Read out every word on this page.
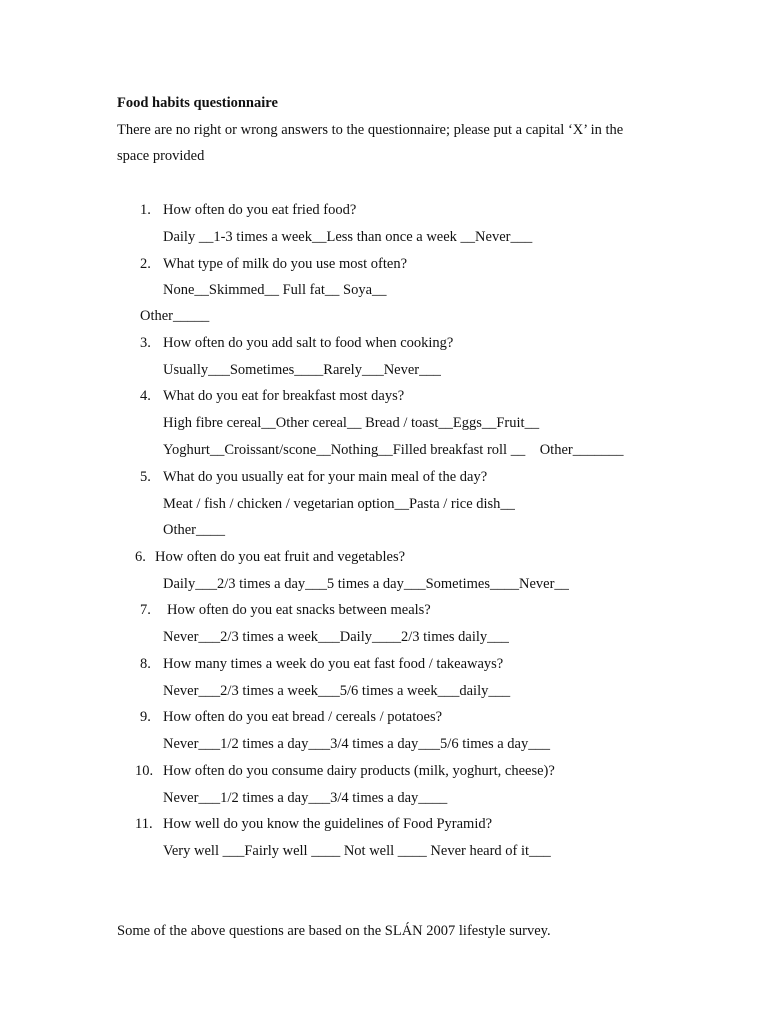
Food habits questionnaire
There are no right or wrong answers to the questionnaire; please put a capital ‘X’ in the
space provided
1. How often do you eat fried food?
Daily __1-3 times a week__Less than once a week __Never___
2. What type of milk do you use most often?
None__Skimmed__ Full fat__ Soya__
Other_____
3. How often do you add salt to food when cooking?
Usually___Sometimes____Rarely___Never___
4. What do you eat for breakfast most days?
High fibre cereal__Other cereal__ Bread / toast__Eggs__Fruit__
Yoghurt__Croissant/scone__Nothing__Filled breakfast roll __    Other_______
5. What do you usually eat for your main meal of the day?
Meat / fish / chicken / vegetarian option__Pasta / rice dish__
Other____
6. How often do you eat fruit and vegetables?
Daily___2/3 times a day___5 times a day___Sometimes____Never__
7. How often do you eat snacks between meals?
Never___2/3 times a week___Daily____2/3 times daily___
8. How many times a week do you eat fast food / takeaways?
Never___2/3 times a week___5/6 times a week___daily___
9. How often do you eat bread / cereals / potatoes?
Never___1/2 times a day___3/4 times a day___5/6 times a day___
10. How often do you consume dairy products (milk, yoghurt, cheese)?
Never___1/2 times a day___3/4 times a day____
11. How well do you know the guidelines of Food Pyramid?
Very well ___Fairly well ____ Not well ____ Never heard of it___
Some of the above questions are based on the SLÁN 2007 lifestyle survey.
